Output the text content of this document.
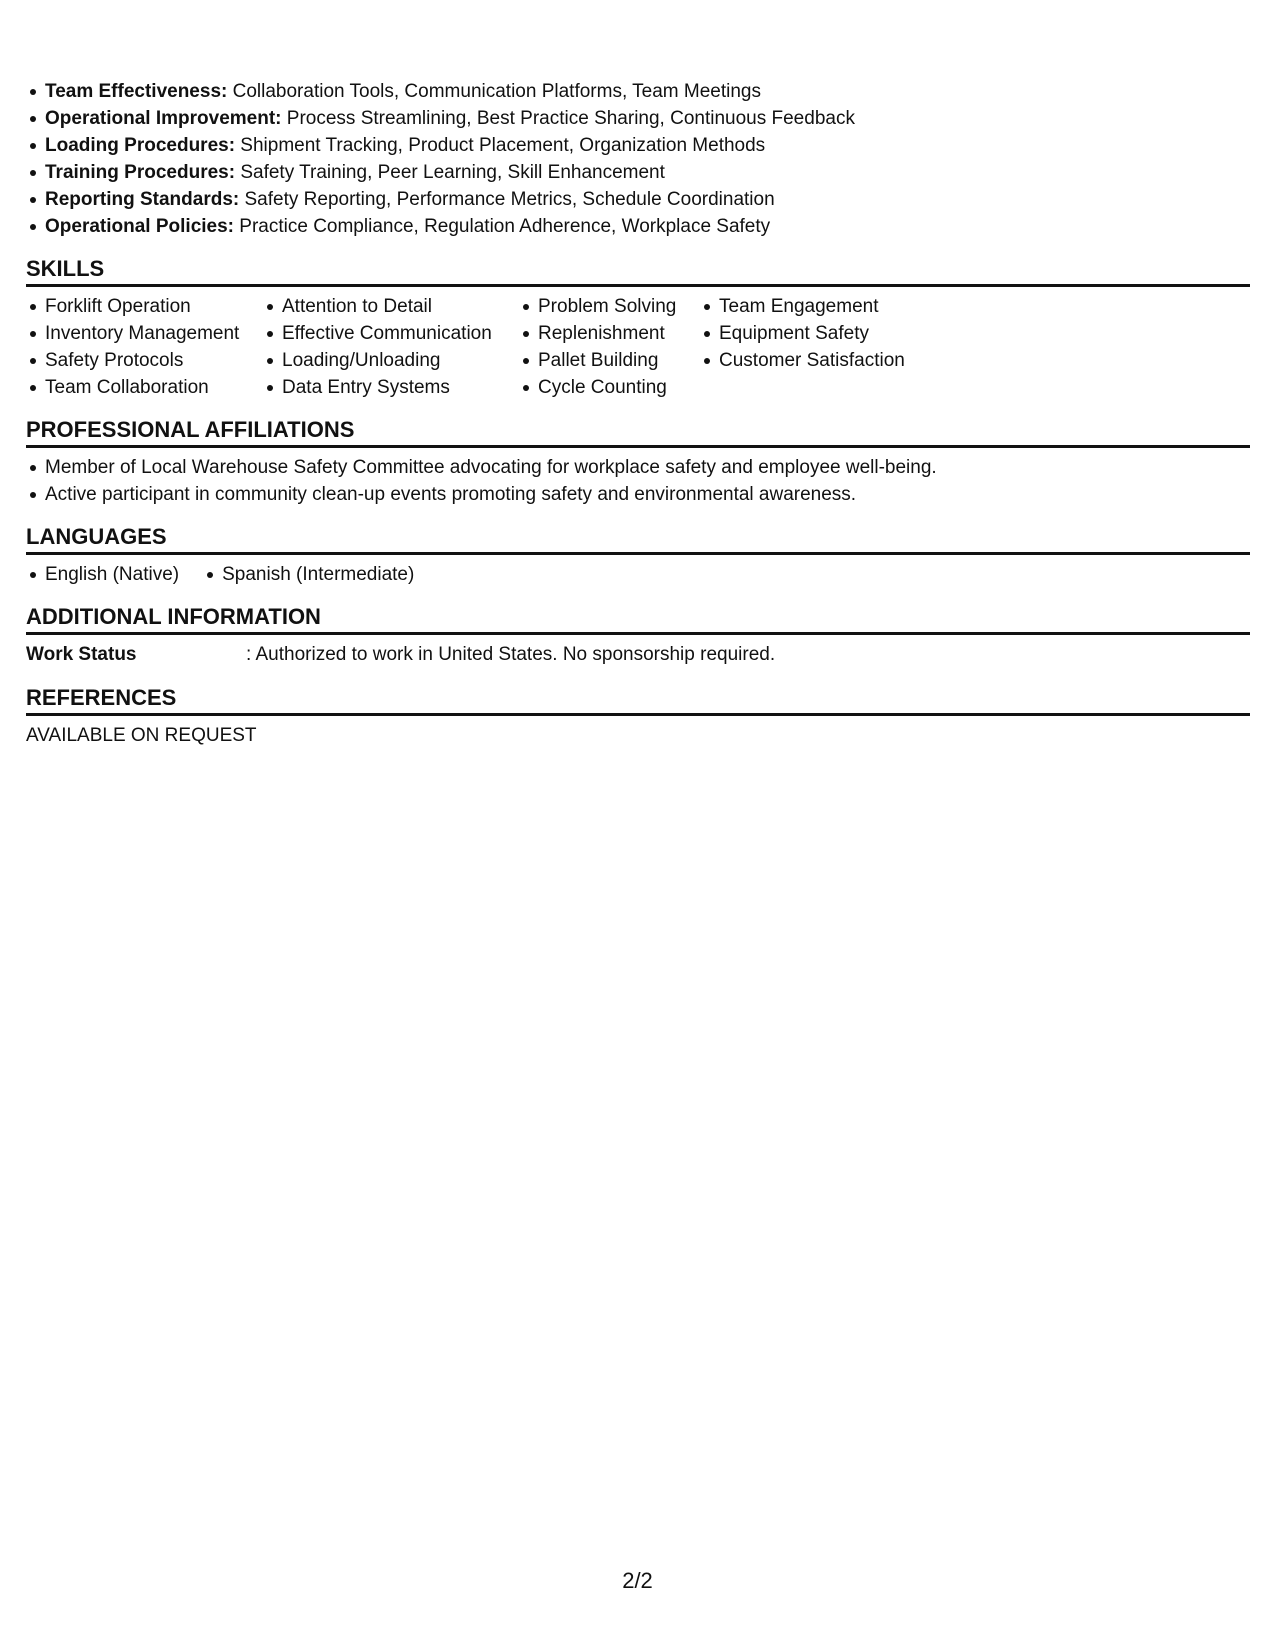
Team Effectiveness: Collaboration Tools, Communication Platforms, Team Meetings
Operational Improvement: Process Streamlining, Best Practice Sharing, Continuous Feedback
Loading Procedures: Shipment Tracking, Product Placement, Organization Methods
Training Procedures: Safety Training, Peer Learning, Skill Enhancement
Reporting Standards: Safety Reporting, Performance Metrics, Schedule Coordination
Operational Policies: Practice Compliance, Regulation Adherence, Workplace Safety
SKILLS
Forklift Operation
Inventory Management
Safety Protocols
Team Collaboration
Attention to Detail
Effective Communication
Loading/Unloading
Data Entry Systems
Problem Solving
Replenishment
Pallet Building
Cycle Counting
Team Engagement
Equipment Safety
Customer Satisfaction
PROFESSIONAL AFFILIATIONS
Member of Local Warehouse Safety Committee advocating for workplace safety and employee well-being.
Active participant in community clean-up events promoting safety and environmental awareness.
LANGUAGES
English (Native)	Spanish (Intermediate)
ADDITIONAL INFORMATION
Work Status	: Authorized to work in United States. No sponsorship required.
REFERENCES
AVAILABLE ON REQUEST
2/2
